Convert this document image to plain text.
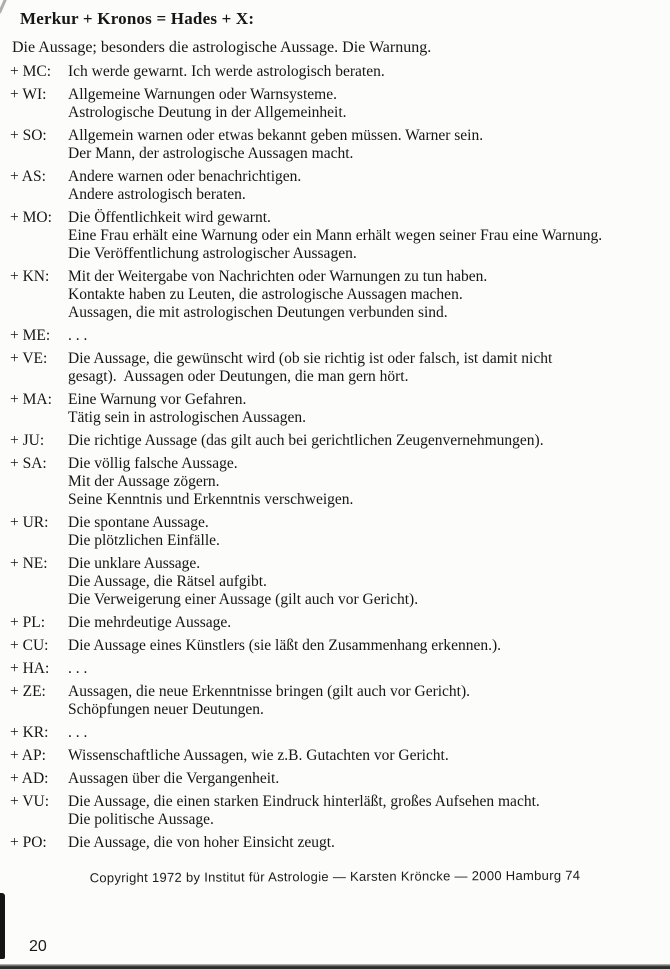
Merkur + Kronos = Hades + X:
Die Aussage; besonders die astrologische Aussage. Die Warnung.
+ MC:	Ich werde gewarnt. Ich werde astrologisch beraten.
+ WI:	Allgemeine Warnungen oder Warnsysteme.
Astrologische Deutung in der Allgemeinheit.
+ SO:	Allgemein warnen oder etwas bekannt geben müssen. Warner sein.
Der Mann, der astrologische Aussagen macht.
+ AS:	Andere warnen oder benachrichtigen.
Andere astrologisch beraten.
+ MO:	Die Öffentlichkeit wird gewarnt.
Eine Frau erhält eine Warnung oder ein Mann erhält wegen seiner Frau eine Warnung.
Die Veröffentlichung astrologischer Aussagen.
+ KN:	Mit der Weitergabe von Nachrichten oder Warnungen zu tun haben.
Kontakte haben zu Leuten, die astrologische Aussagen machen.
Aussagen, die mit astrologischen Deutungen verbunden sind.
+ ME:	. . .
+ VE:	Die Aussage, die gewünscht wird (ob sie richtig ist oder falsch, ist damit nicht
gesagt).  Aussagen oder Deutungen, die man gern hört.
+ MA:	Eine Warnung vor Gefahren.
Tätig sein in astrologischen Aussagen.
+ JU:	Die richtige Aussage (das gilt auch bei gerichtlichen Zeugenvernehmungen).
+ SA:	Die völlig falsche Aussage.
Mit der Aussage zögern.
Seine Kenntnis und Erkenntnis verschweigen.
+ UR:	Die spontane Aussage.
Die plötzlichen Einfälle.
+ NE:	Die unklare Aussage.
Die Aussage, die Rätsel aufgibt.
Die Verweigerung einer Aussage (gilt auch vor Gericht).
+ PL:	Die mehrdeutige Aussage.
+ CU:	Die Aussage eines Künstlers (sie läßt den Zusammenhang erkennen.).
+ HA:	. . .
+ ZE:	Aussagen, die neue Erkenntnisse bringen (gilt auch vor Gericht).
Schöpfungen neuer Deutungen.
+ KR:	. . .
+ AP:	Wissenschaftliche Aussagen, wie z.B. Gutachten vor Gericht.
+ AD:	Aussagen über die Vergangenheit.
+ VU:	Die Aussage, die einen starken Eindruck hinterläßt, großes Aufsehen macht.
Die politische Aussage.
+ PO:	Die Aussage, die von hoher Einsicht zeugt.
Copyright 1972 by Institut für Astrologie — Karsten Kröncke — 2000 Hamburg 74
20
